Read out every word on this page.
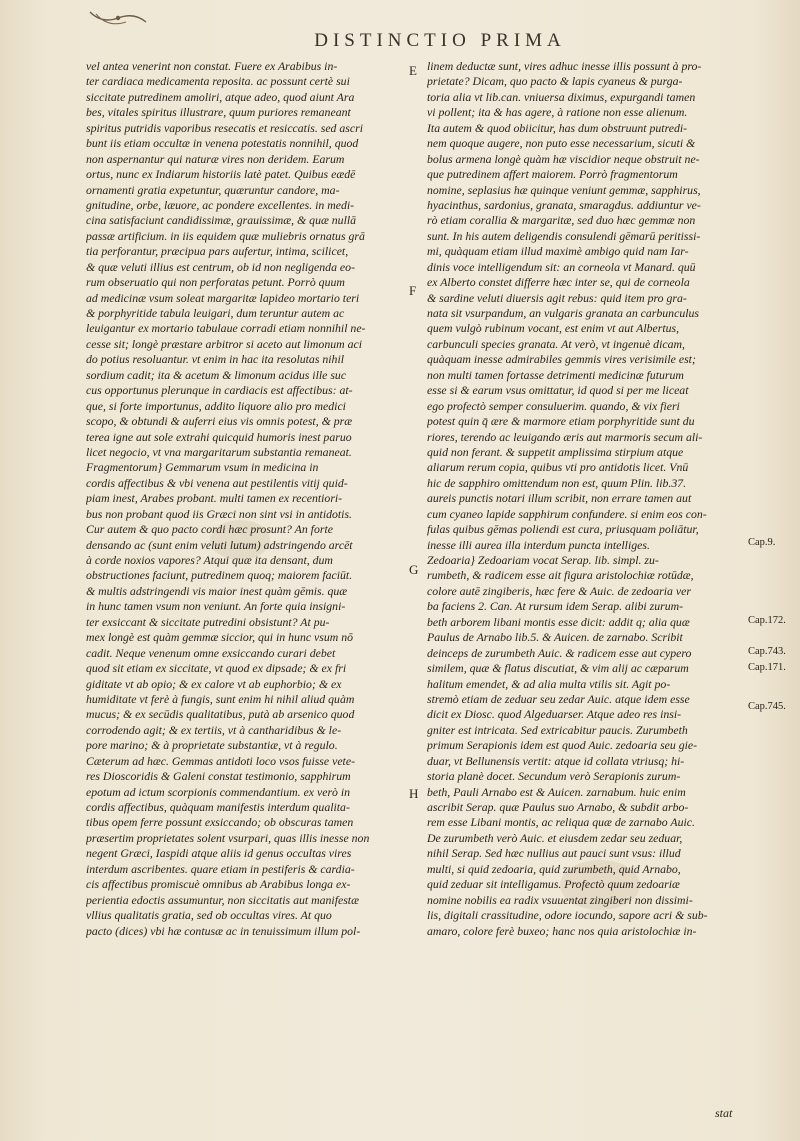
DISTINCTIO PRIMA
vel antea venerint non constat. Fuere ex Arabibus in-
ter cardiaca medicamenta reposita. ac possunt certè sui
siccitate putredinem amoliri, atque adeo, quod aiunt Ara
bes, vitales spiritus illustrare, quum puriores remaneant
spiritus putridis vaporibus resecatis et resiccatis. sed ascri
bunt iis etiam occultæ in venena potestatis nonnihil, quod
non aspernantur qui naturæ vires non deridem. Earum
ortus, nunc ex Indiarum historiis latè patet. Quibus eædē
ornamenti gratia expetuntur, quæruntur candore, ma-
gnitudine, orbe, læuore, ac pondere excellentes. in medi-
cina satisfaciunt candidissimæ, grauissimæ, & quæ nullā
passæ artificium. in iis equidem quæ muliebris ornatus grā
tia perforantur, præcipua pars aufertur, intima, scilicet,
& quæ veluti illius est centrum, ob id non negligenda eo-
rum obseruatio qui non perforatas petunt. Porrò quum
ad medicinæ vsum soleat margaritæ lapideo mortario teri
& porphyritide tabula leuigari, dum teruntur autem ac
leuigantur ex mortario tabulaue corradi etiam nonnihil ne-
cesse sit; longè præstare arbitror si aceto aut limonum aci
do potius resoluantur. vt enim in hac ita resolutas nihil
sordium cadit; ita & acetum & limonum acidus ille suc
cus opportunus plerunque in cardiacis est affectibus: at-
que, si forte importunus, addito liquore alio pro medici
scopo, & obtundi & auferri eius vis omnis potest, & præ
terea igne aut sole extrahi quicquid humoris inest paruo
licet negocio, vt vna margaritarum substantia remaneat.
Fragmentorum} Gemmarum vsum in medicina in
cordis affectibus & vbi venena aut pestilentis vitij quid-
piam inest, Arabes probant. multi tamen ex recentiori-
bus non probant quod iis Græci non sint vsi in antidotis.
Cur autem & quo pacto cordi hæc prosunt? An forte
densando ac (sunt enim veluti lutum) adstringendo arcēt
à corde noxios vapores? Atqui quæ ita densant, dum
obstructiones faciunt, putredinem quoq; maiorem faciūt.
& multis adstringendi vis maior inest quàm gēmis. quæ
in hunc tamen vsum non veniunt. An forte quia insigni-
ter exsiccant & siccitate putredini obsistunt? At pu-
mex longè est quàm gemmæ siccior, qui in hunc vsum nō
cadit. Neque venenum omne exsiccando curari debet
quod sit etiam ex siccitate, vt quod ex dipsade; & ex fri
giditate vt ab opio; & ex calore vt ab euphorbio; & ex
humiditate vt ferè à fungis, sunt enim hi nihil aliud quàm
mucus; & ex secūdis qualitatibus, putà ab arsenico quod
corrodendo agit; & ex tertiis, vt à cantharidibus & le-
pore marino; & à proprietate substantiæ, vt à regulo.
Cæterum ad hæc. Gemmas antidoti loco vsos fuisse vete-
res Dioscoridis & Galeni constat testimonio, sapphirum
epotum ad ictum scorpionis commendantium. ex verò in
cordis affectibus, quàquam manifestis interdum qualita-
tibus opem ferre possunt exsiccando; ob obscuras tamen
præsertim proprietates solent vsurpari, quas illis inesse non
negent Græci, Iaspidi atque aliis id genus occultas vires
interdum ascribentes. quare etiam in pestiferis & cardia-
cis affectibus promiscuè omnibus ab Arabibus longa ex-
perientia edoctis assumuntur, non siccitatis aut manifestæ
vllius qualitatis gratia, sed ob occultas vires. At quo
pacto (dices) vbi hæ contusæ ac in tenuissimum illum pol-
linem deductæ sunt, vires adhuc inesse illis possunt à pro-
prietate? Dicam, quo pacto & lapis cyaneus & purga-
toria alia vt lib.can. vniuersa diximus, expurgandi tamen
vi pollent; ita & has agere, à ratione non esse alienum.
Ita autem & quod obiicitur, has dum obstruunt putredi-
nem quoque augere, non puto esse necessarium, sicuti &
bolus armena longè quàm hæ viscidior neque obstruit ne-
que putredinem affert maiorem. Porrò fragmentorum
nomine, seplasius hæ quinque veniunt gemmæ, sapphirus,
hyacinthus, sardonius, granata, smaragdus. addiuntur ve-
rò etiam corallia & margaritæ, sed duo hæc gemmæ non
sunt. In his autem deligendis consulendi gēmarū peritissi-
mi, quàquam etiam illud maximè ambigo quid nam Iar-
dinis voce intelligendum sit: an corneola vt Manard. quū
ex Alberto constet differre hæc inter se, qui de corneola
& sardine veluti diuersis agit rebus: quid item pro gra-
nata sit vsurpandum, an vulgaris granata an carbunculus
quem vulgò rubinum vocant, est enim vt aut Albertus,
carbunculi species granata. At verò, vt ingenuè dicam,
quàquam inesse admirabiles gemmis vires verisimile est;
non multi tamen fortasse detrimenti medicinæ futurum
esse si & earum vsus omittatur, id quod si per me liceat
ego profectò semper consuluerim. quando, & vix fieri
potest quin q̄ ære & marmore etiam porphyritide sunt du
riores, terendo ac leuigando æris aut marmoris secum ali-
quid non ferant. & suppetit amplissima stirpium atque
aliarum rerum copia, quibus vti pro antidotis licet. Vnū
hic de sapphiro omittendum non est, quum Plin. lib.37.
aureis punctis notari illum scribit, non errare tamen aut
cum cyaneo lapide sapphirum confundere. si enim eos con-
fulas quibus gēmas poliendi est cura, priusquam poliātur,
inesse illi aurea illa interdum puncta intelliges.
Zedoaria} Zedoariam vocat Serap. lib. simpl. zu-
rumbeth, & radicem esse ait figura aristolochiæ rotūdæ,
colore autē zingiberis, hæc fere & Auic. de zedoaria ver
ba faciens 2. Can. At rursum idem Serap. alibi zurum-
beth arborem libani montis esse dicit: addit q; alia quæ
Paulus de Arnabo lib.5. & Auicen. de zarnabo. Scribit
deinceps de zurumbeth Auic. & radicem esse aut cypero
similem, quæ & flatus discutiat, & vim alij ac cæparum
halitum emendet, & ad alia multa vtilis sit. Agit po-
stremò etiam de zeduar seu zedar Auic. atque idem esse
dicit ex Diosc. quod Algeduarser. Atque adeo res insi-
gniter est intricata. Sed extricabitur paucis. Zurumbeth
primum Serapionis idem est quod Auic. zedoaria seu gie-
duar, vt Bellunensis vertit: atque id collata vtriusq; hi-
storia planè docet. Secundum verò Serapionis zurum-
beth, Pauli Arnabo est & Auicen. zarnabum. huic enim
ascribit Serap. quæ Paulus suo Arnabo, & subdit arbo-
rem esse Libani montis, ac reliqua quæ de zarnabo Auic.
De zurumbeth verò Auic. et eiusdem zedar seu zeduar,
nihil Serap. Sed hæc nullius aut pauci sunt vsus: illud
multi, si quid zedoaria, quid zurumbeth, quid Arnabo,
quid zeduar sit intelligamus. Profectò quum zedoariæ
nomine nobilis ea radix vsuuentat zingiberi non dissimi-
lis, digitali crassitudine, odore iocundo, sapore acri & sub-
amaro, colore ferè buxeo; hanc nos quia aristolochiæ in-
E
F
G
H
Cap.9.
Cap.172.
Cap.743.
Cap.171.
Cap.745.
stat
